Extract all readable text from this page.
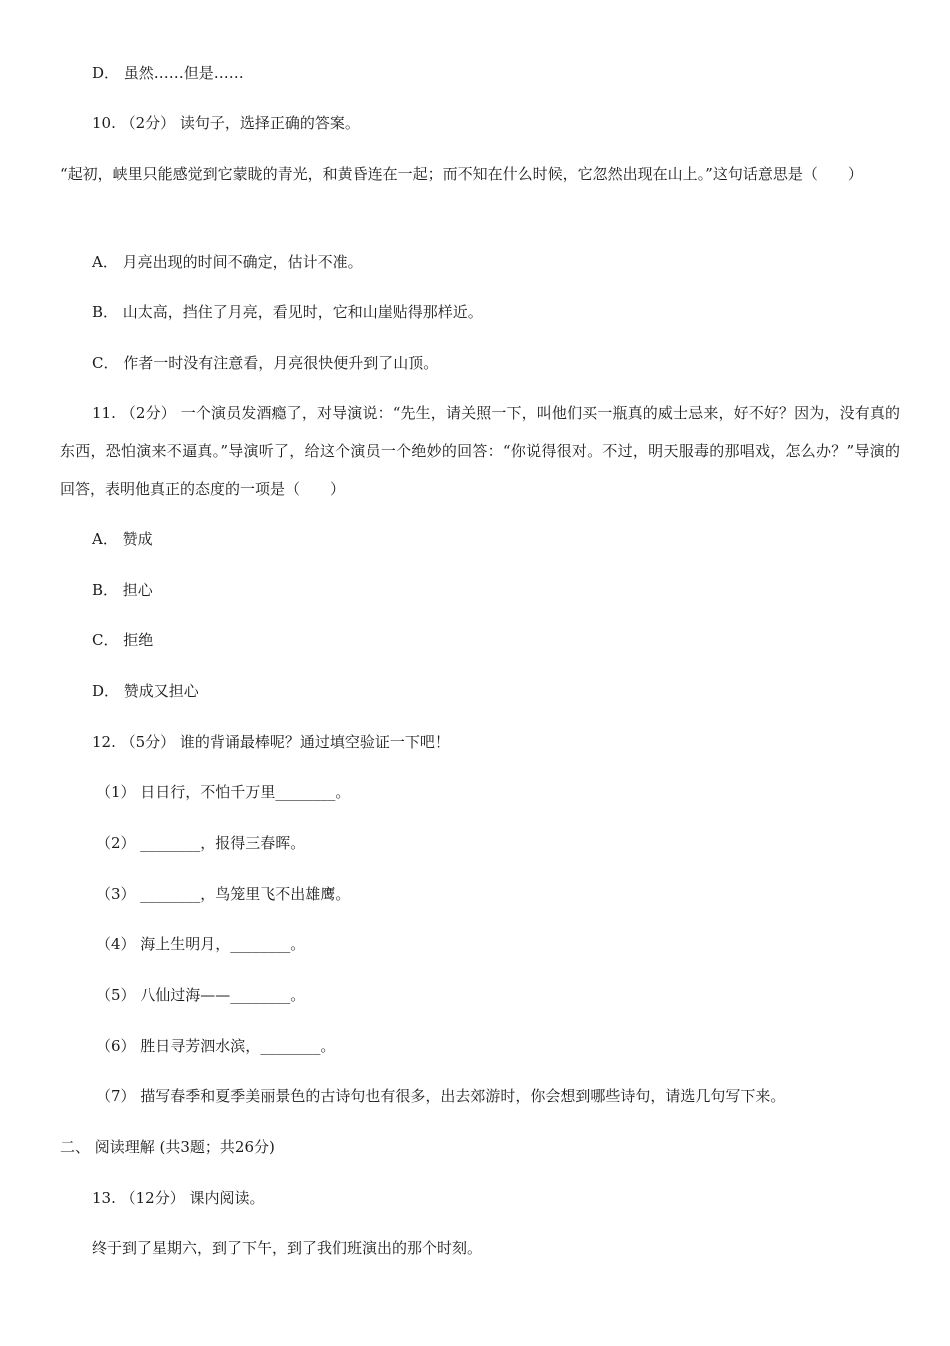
D． 虽然……但是……
10. （2分） 读句子，选择正确的答案。
“起初，峡里只能感觉到它蒙眬的青光，和黄昏连在一起；而不知在什么时候，它忽然出现在山上。”这句话意思是（　　）
A． 月亮出现的时间不确定，估计不准。
B． 山太高，挡住了月亮，看见时，它和山崖贴得那样近。
C． 作者一时没有注意看，月亮很快便升到了山顶。
11. （2分） 一个演员发酒瘾了，对导演说：“先生，请关照一下，叫他们买一瓶真的威士忌来，好不好？因为，没有真的东西，恐怕演来不逼真。”导演听了，给这个演员一个绝妙的回答：“你说得很对。不过，明天服毒的那唱戏，怎么办？”导演的回答，表明他真正的态度的一项是（　　）
A． 赞成
B． 担心
C． 拒绝
D． 赞成又担心
12. （5分） 谁的背诵最棒呢？通过填空验证一下吧！
（1） 日日行，不怕千万里________。
（2） ________，报得三春晖。
（3） ________，鸟笼里飞不出雄鹰。
（4） 海上生明月，________。
（5） 八仙过海——________。
（6） 胜日寻芳泗水滨，________。
（7） 描写春季和夏季美丽景色的古诗句也有很多，出去郊游时，你会想到哪些诗句，请选几句写下来。
二、 阅读理解 (共3题；共26分)
13. （12分） 课内阅读。
终于到了星期六，到了下午，到了我们班演出的那个时刻。
